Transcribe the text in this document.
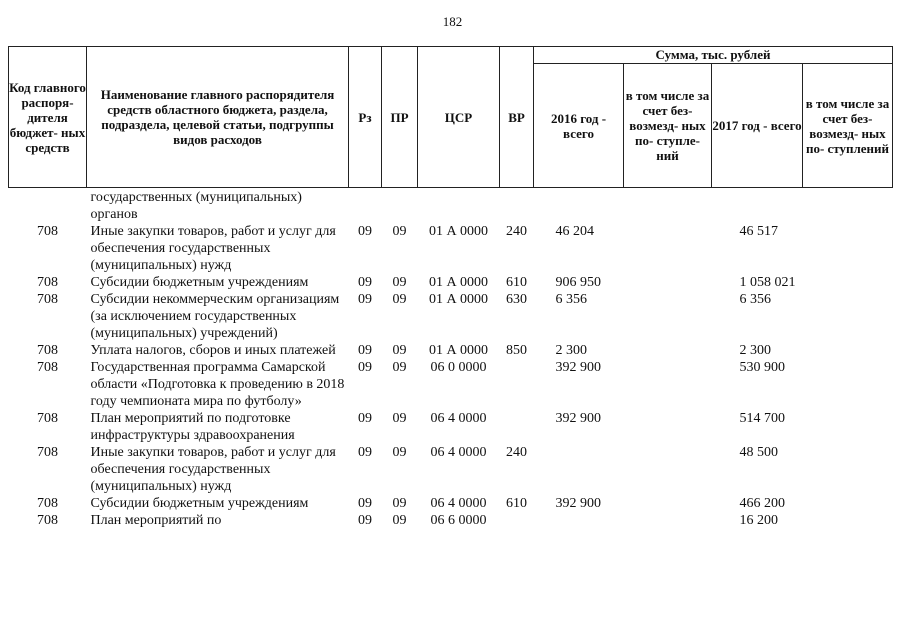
182
Код главного распоря- дителя бюджет- ных средств	Наименование главного распорядителя средств областного бюджета, раздела, подраздела, целевой статьи, подгруппы видов расходов	Рз	ПР	ЦСР	ВР	Сумма, тыс. рублей			
						2016 год - всего	в том числе за счет без- возмезд- ных по- ступле- ний	2017 год - всего	в том числе за счет без- возмезд- ных по- ступлений
	государственных (муниципальных) органов								
708	Иные закупки товаров, работ и услуг для обеспечения государственных (муниципальных) нужд	09	09	01 А 0000	240	46 204		46 517	
708	Субсидии бюджетным учреждениям	09	09	01 А 0000	610	906 950		1 058 021	
708	Субсидии некоммерческим организациям (за исключением государственных (муниципальных) учреждений)	09	09	01 А 0000	630	6 356		6 356	
708	Уплата налогов, сборов и иных платежей	09	09	01 А 0000	850	2 300		2 300	
708	Государственная программа Самарской области «Подготовка к проведению в 2018 году чемпионата мира по футболу»	09	09	06 0 0000		392 900		530 900	
708	План мероприятий по подготовке инфраструктуры здравоохранения	09	09	06 4 0000		392 900		514 700	
708	Иные закупки товаров, работ и услуг для обеспечения государственных (муниципальных) нужд	09	09	06 4 0000	240			48 500	
708	Субсидии бюджетным учреждениям	09	09	06 4 0000	610	392 900		466 200	
708	План мероприятий по	09	09	06 6 0000				16 200	
